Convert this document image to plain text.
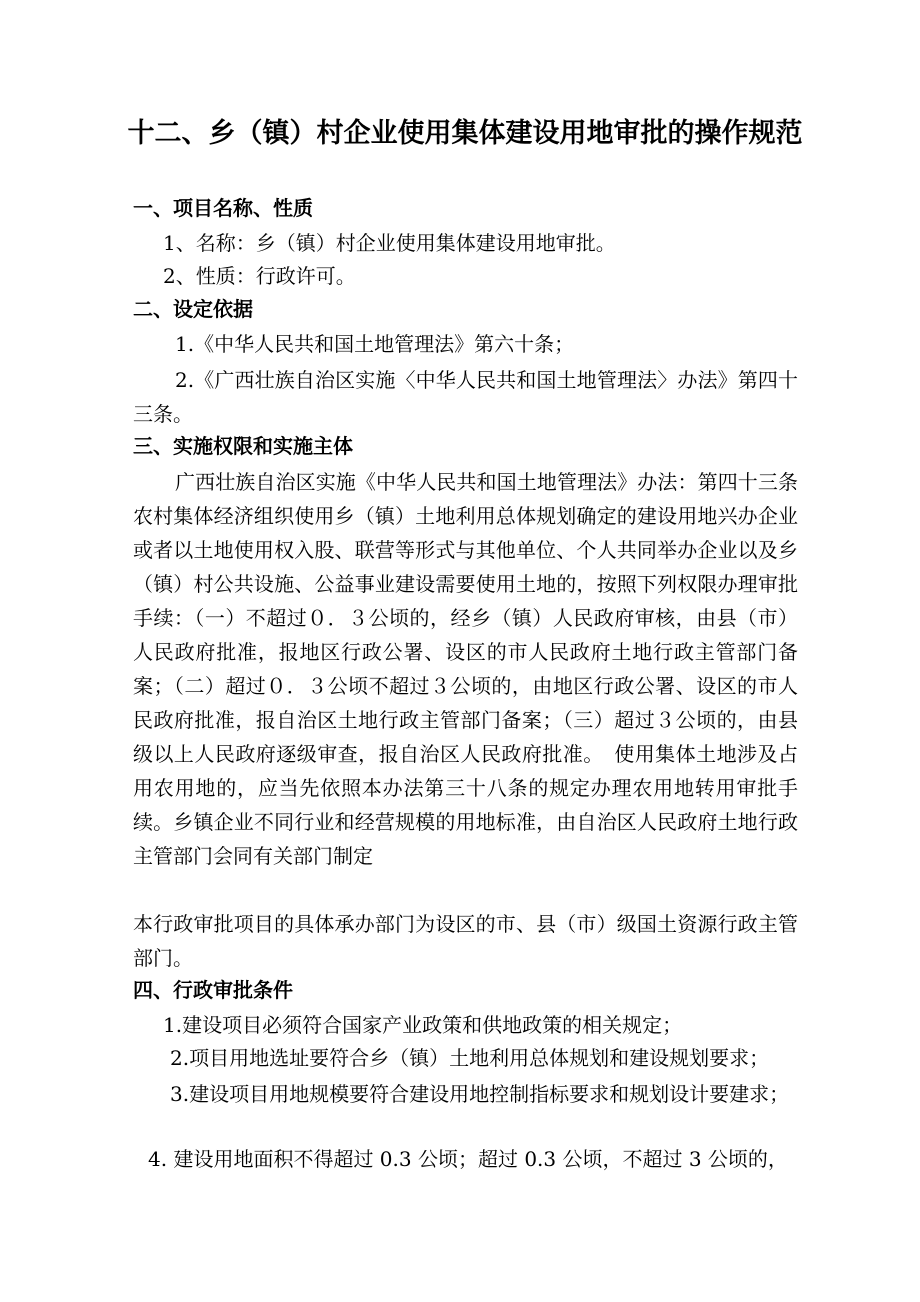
十二、乡（镇）村企业使用集体建设用地审批的操作规范
一、项目名称、性质

1、名称：乡（镇）村企业使用集体建设用地审批。

2、性质：行政许可。

二、设定依据

1.《中华人民共和国土地管理法》第六十条；

2.《广西壮族自治区实施〈中华人民共和国土地管理法〉办法》第四十三条。

三、实施权限和实施主体

广西壮族自治区实施《中华人民共和国土地管理法》办法：第四十三条　农村集体经济组织使用乡（镇）土地利用总体规划确定的建设用地兴办企业或者以土地使用权入股、联营等形式与其他单位、个人共同举办企业以及乡（镇）村公共设施、公益事业建设需要使用土地的，按照下列权限办理审批手续：（一）不超过０．３公顷的，经乡（镇）人民政府审核，由县（市）人民政府批准，报地区行政公署、设区的市人民政府土地行政主管部门备案；（二）超过０．３公顷不超过３公顷的，由地区行政公署、设区的市人民政府批准，报自治区土地行政主管部门备案；（三）超过３公顷的，由县级以上人民政府逐级审查，报自治区人民政府批准。　使用集体土地涉及占用农用地的，应当先依照本办法第三十八条的规定办理农用地转用审批手续。乡镇企业不同行业和经营规模的用地标准，由自治区人民政府土地行政主管部门会同有关部门制定

本行政审批项目的具体承办部门为设区的市、县（市）级国土资源行政主管部门。

四、行政审批条件

1.建设项目必须符合国家产业政策和供地政策的相关规定；

2.项目用地选址要符合乡（镇）土地利用总体规划和建设规划要求；

3.建设项目用地规模要符合建设用地控制指标要求和规划设计要建求；

4. 建设用地面积不得超过 0.3 公顷；超过 0.3 公顷，不超过 3 公顷的，
